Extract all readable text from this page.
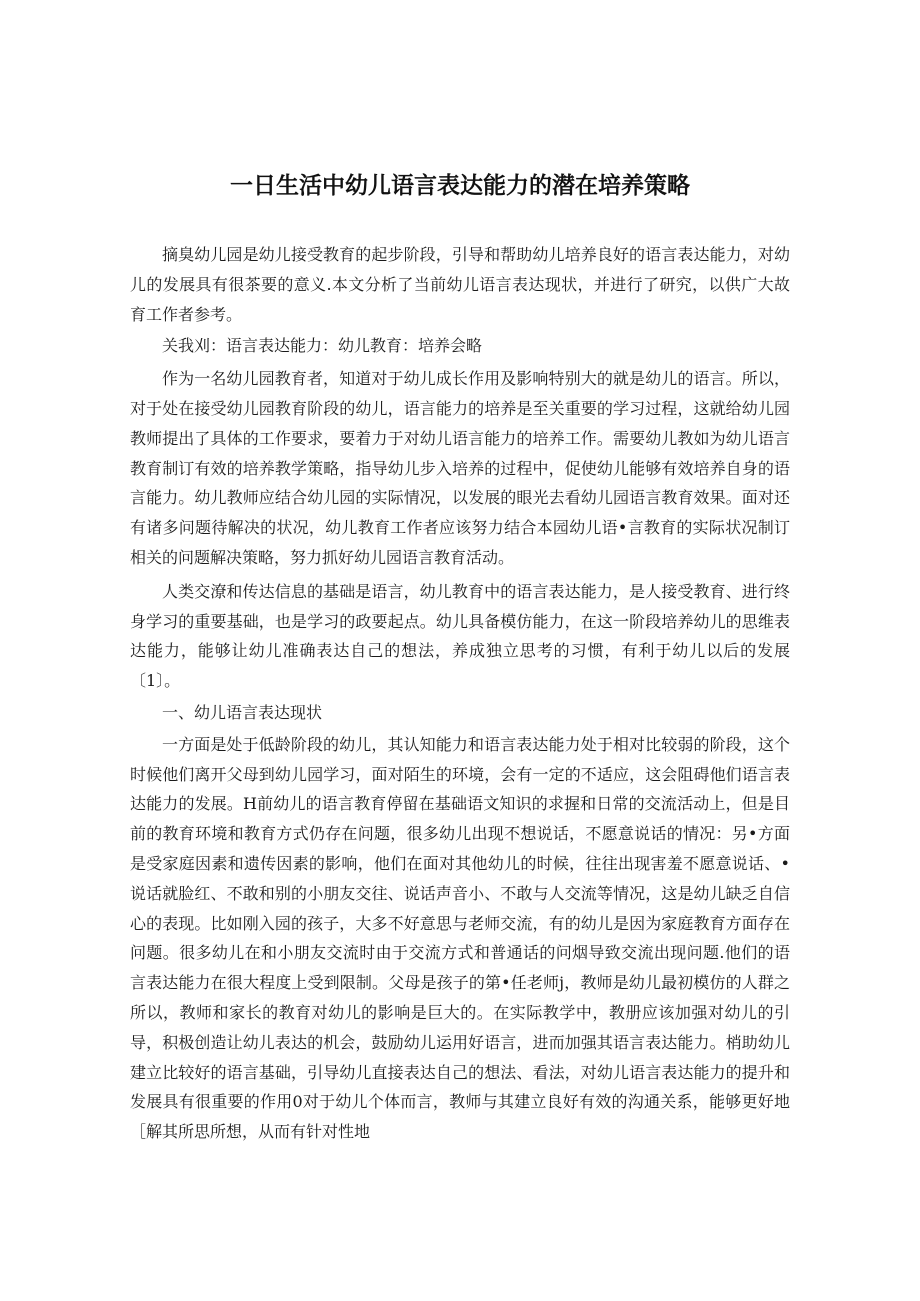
一日生活中幼儿语言表达能力的潜在培养策略

摘臭幼儿园是幼儿接受教育的起步阶段，引导和帮助幼儿培养良好的语言表达能力，对幼儿的发展具有很茶要的意义.本文分析了当前幼儿语言表达现状，并进行了研究，以供广大故育工作者参考。

关我刈：语言表达能力：幼儿教育：培养会略

作为一名幼儿园教育者，知道对于幼儿成长作用及影响特别大的就是幼儿的语言。所以，对于处在接受幼儿园教育阶段的幼儿，语言能力的培养是至关重要的学习过程，这就给幼儿园教师提出了具体的工作要求，要着力于对幼儿语言能力的培养工作。需要幼儿教如为幼儿语言教育制订有效的培养教学策略，指导幼儿步入培养的过程中，促使幼儿能够有效培养自身的语言能力。幼儿教师应结合幼儿园的实际情况，以发展的眼光去看幼儿园语言教育效果。面对还有诸多问题待解决的状况，幼儿教育工作者应该努力结合本园幼儿语•言教育的实际状况制订相关的问题解决策略，努力抓好幼儿园语言教育活动。

人类交潦和传达信息的基础是语言，幼儿教育中的语言表达能力，是人接受教育、进行终身学习的重要基础，也是学习的政要起点。幼儿具备模仿能力，在这一阶段培养幼儿的思维表达能力，能够让幼儿准确表达自己的想法，养成独立思考的习惯，有利于幼儿以后的发展〔1〕。

一、幼儿语言表达现状

一方面是处于低龄阶段的幼儿，其认知能力和语言表达能力处于相对比较弱的阶段，这个时候他们离开父母到幼儿园学习，面对陌生的环境，会有一定的不适应，这会阻碍他们语言表达能力的发展。H前幼儿的语言教育停留在基础语文知识的求握和日常的交流活动上，但是目前的教育环境和教育方式仍存在问题，很多幼儿出现不想说话，不愿意说话的情况：另•方面是受家庭因素和遗传因素的影响，他们在面对其他幼儿的时候，往往出现害羞不愿意说话、•说话就脸红、不敢和别的小朋友交往、说话声音小、不敢与人交流等情况，这是幼儿缺乏自信心的表现。比如刚入园的孩子，大多不好意思与老师交流，有的幼儿是因为家庭教育方面存在问题。很多幼儿在和小朋友交流时由于交流方式和普通话的问烟导致交流出现问题.他们的语言表达能力在很大程度上受到限制。父母是孩子的第•任老师j，教师是幼儿最初模仿的人群之所以，教师和家长的教育对幼儿的影响是巨大的。在实际教学中，教册应该加强对幼儿的引导，积极创造让幼儿表达的机会，鼓励幼儿运用好语言，进而加强其语言表达能力。梢助幼儿建立比较好的语言基础，引导幼儿直接表达自己的想法、看法，对幼儿语言表达能力的提升和发展具有很重要的作用0对于幼儿个体而言，教师与其建立良好有效的沟通关系，能够更好地［解其所思所想，从而有针对性地
